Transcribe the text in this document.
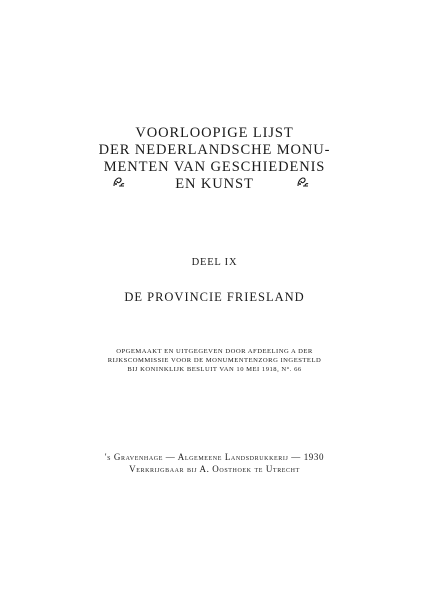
VOORLOOPIGE LIJST
DER NEDERLANDSCHE MONU-
MENTEN VAN GESCHIEDENIS
EN KUNST
DEEL IX
DE PROVINCIE FRIESLAND
OPGEMAAKT EN UITGEGEVEN DOOR AFDEELING A DER
RIJKSCOMMISSIE VOOR DE MONUMENTENZORG INGESTELD
BIJ KONINKLIJK BESLUIT VAN 10 MEI 1918, N°. 66
's Gravenhage — Algemeene Landsdrukkerij — 1930
Verkrijgbaar bij A. Oosthoek te Utrecht
